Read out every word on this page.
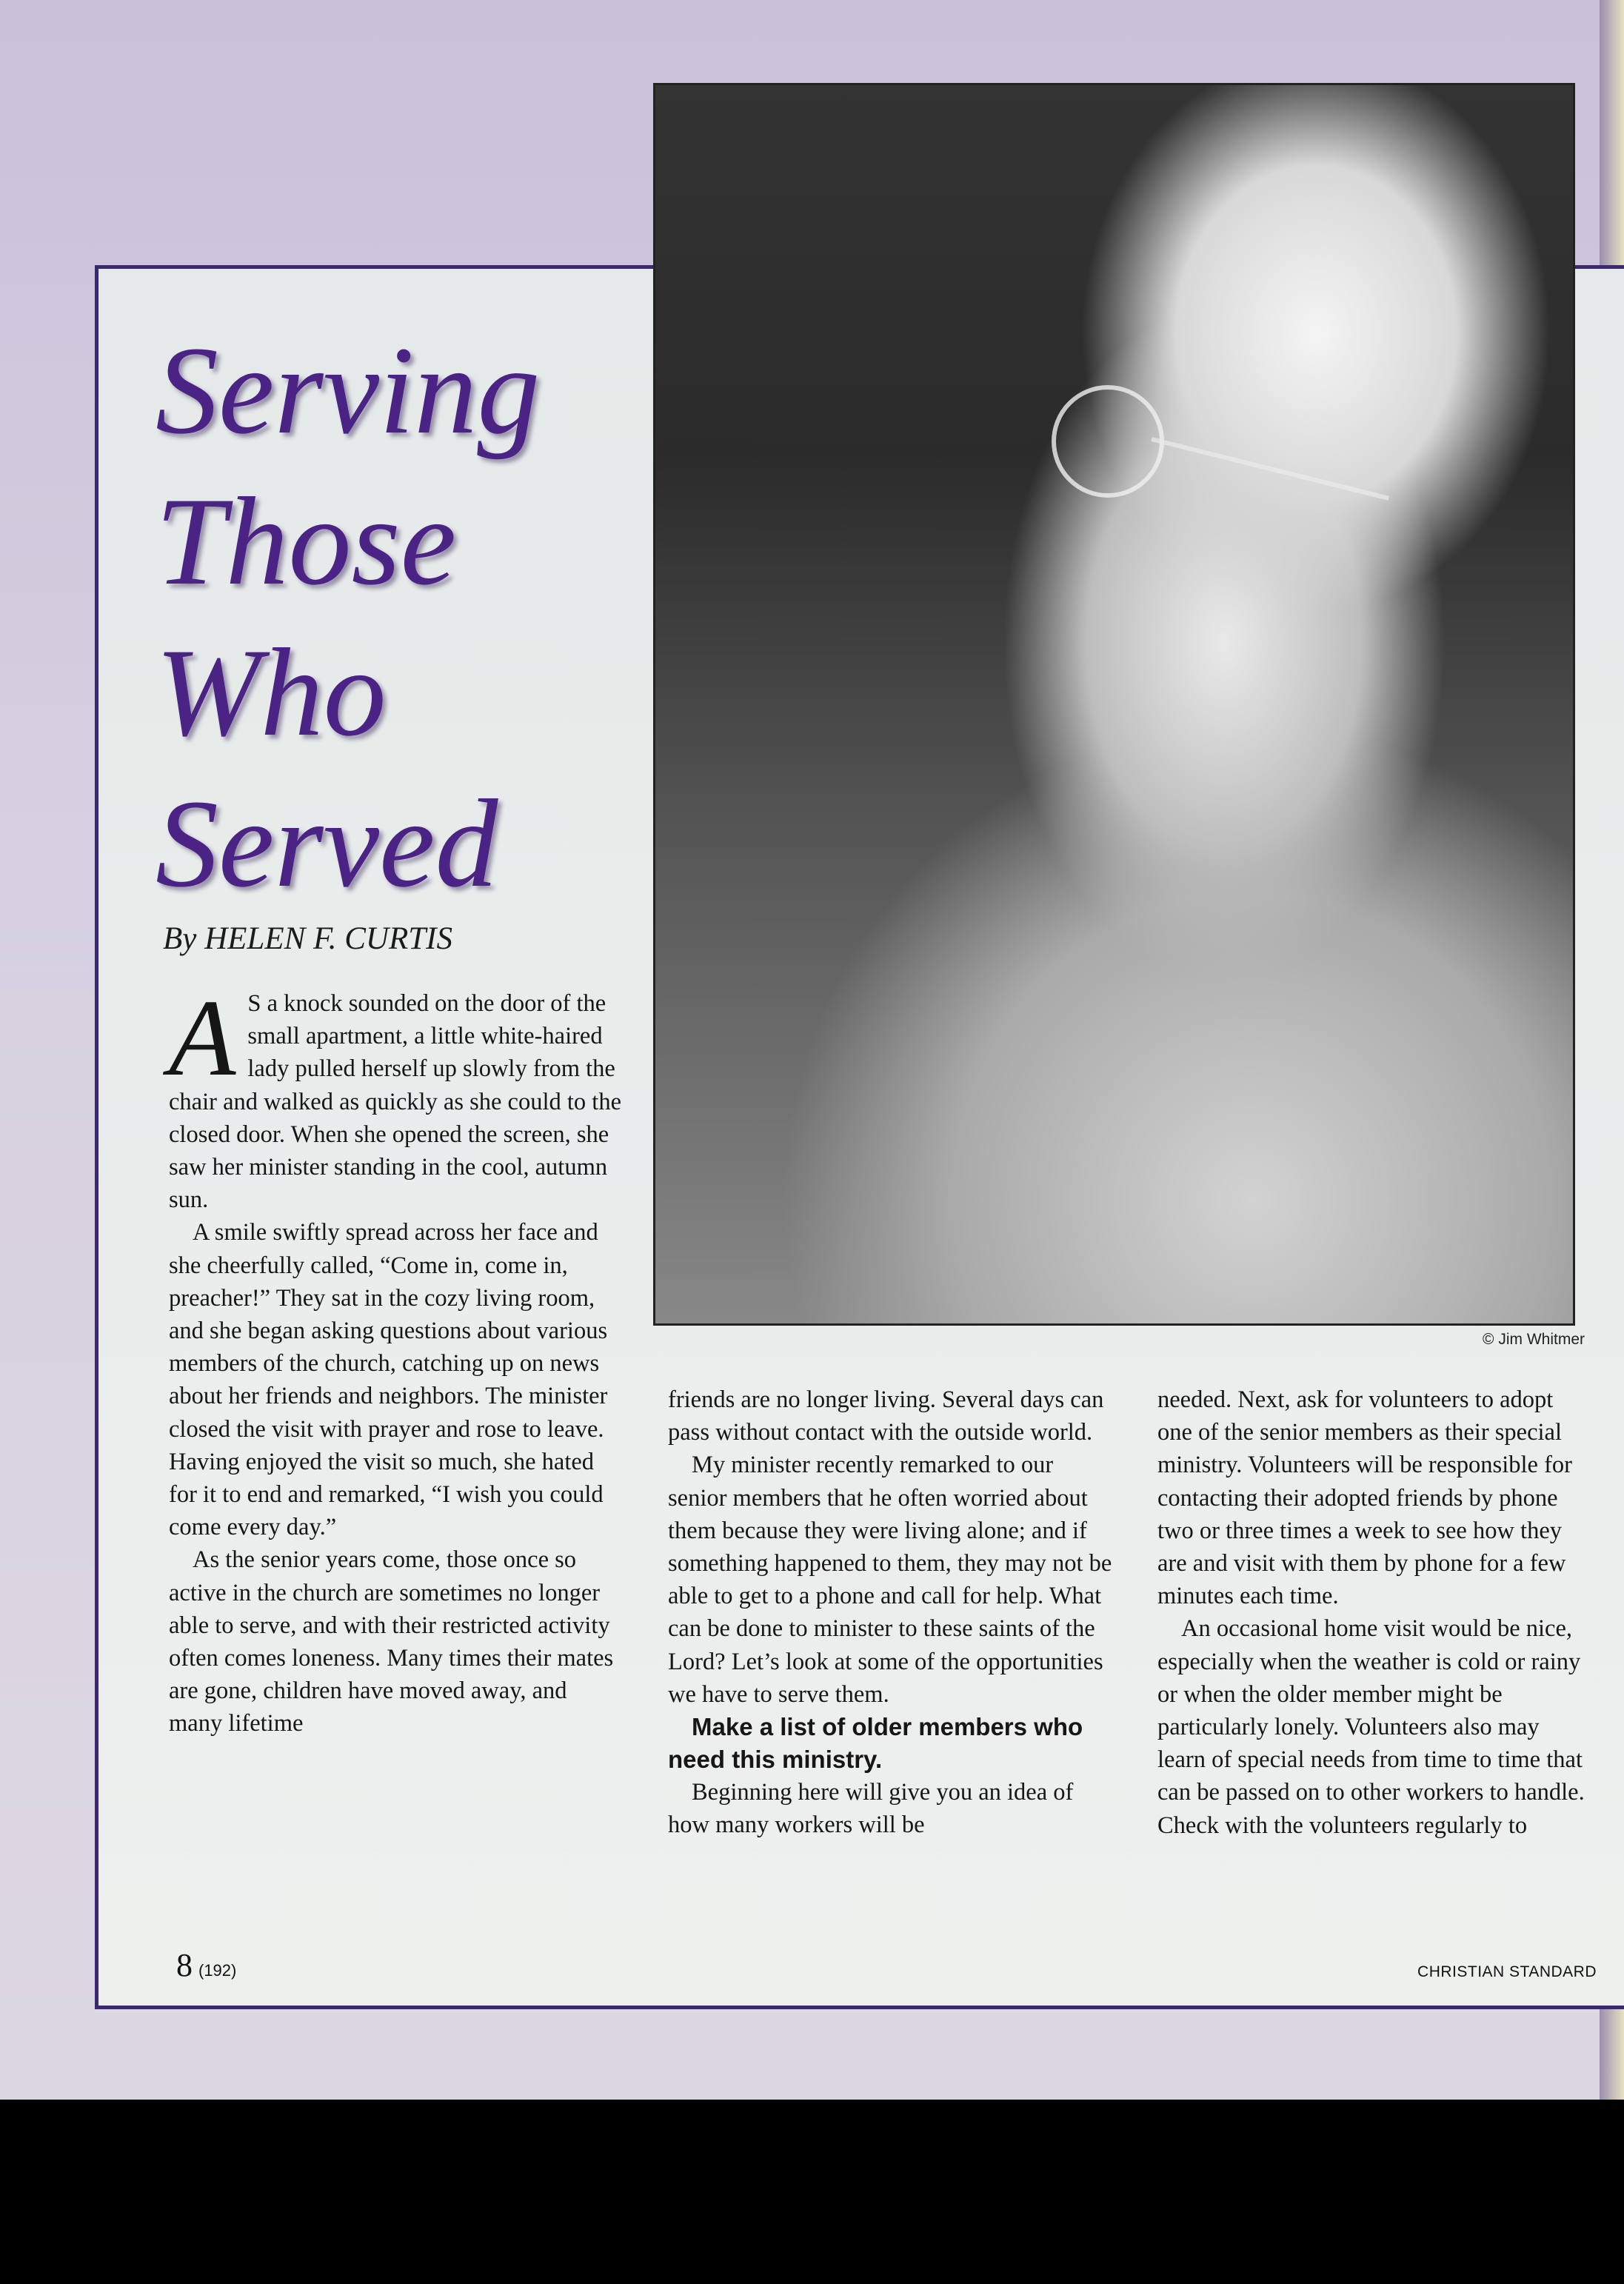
© Jim Whitmer
Serving
Those
Who
Served
By HELEN F. CURTIS

A S a knock sounded on the door of the small apartment, a little white-haired lady pulled herself up slowly from the chair and walked as quickly as she could to the closed door. When she opened the screen, she saw her minister standing in the cool, autumn sun.

A smile swiftly spread across her face and she cheerfully called, “Come in, come in, preacher!” They sat in the cozy living room, and she began asking questions about various members of the church, catching up on news about her friends and neighbors. The minister closed the visit with prayer and rose to leave. Having enjoyed the visit so much, she hated for it to end and remarked, “I wish you could come every day.”

As the senior years come, those once so active in the church are sometimes no longer able to serve, and with their restricted activity often comes loneness. Many times their mates are gone, children have moved away, and many lifetime

friends are no longer living. Several days can pass without contact with the outside world.

My minister recently remarked to our senior members that he often worried about them because they were living alone; and if something happened to them, they may not be able to get to a phone and call for help. What can be done to minister to these saints of the Lord? Let’s look at some of the opportunities we have to serve them.

Make a list of older members who need this ministry.

Beginning here will give you an idea of how many workers will be

needed. Next, ask for volunteers to adopt one of the senior members as their special ministry. Volunteers will be responsible for contacting their adopted friends by phone two or three times a week to see how they are and visit with them by phone for a few minutes each time.

An occasional home visit would be nice, especially when the weather is cold or rainy or when the older member might be particularly lonely. Volunteers also may learn of special needs from time to time that can be passed on to other workers to handle. Check with the volunteers regularly to

8 (192)	CHRISTIAN STANDARD
